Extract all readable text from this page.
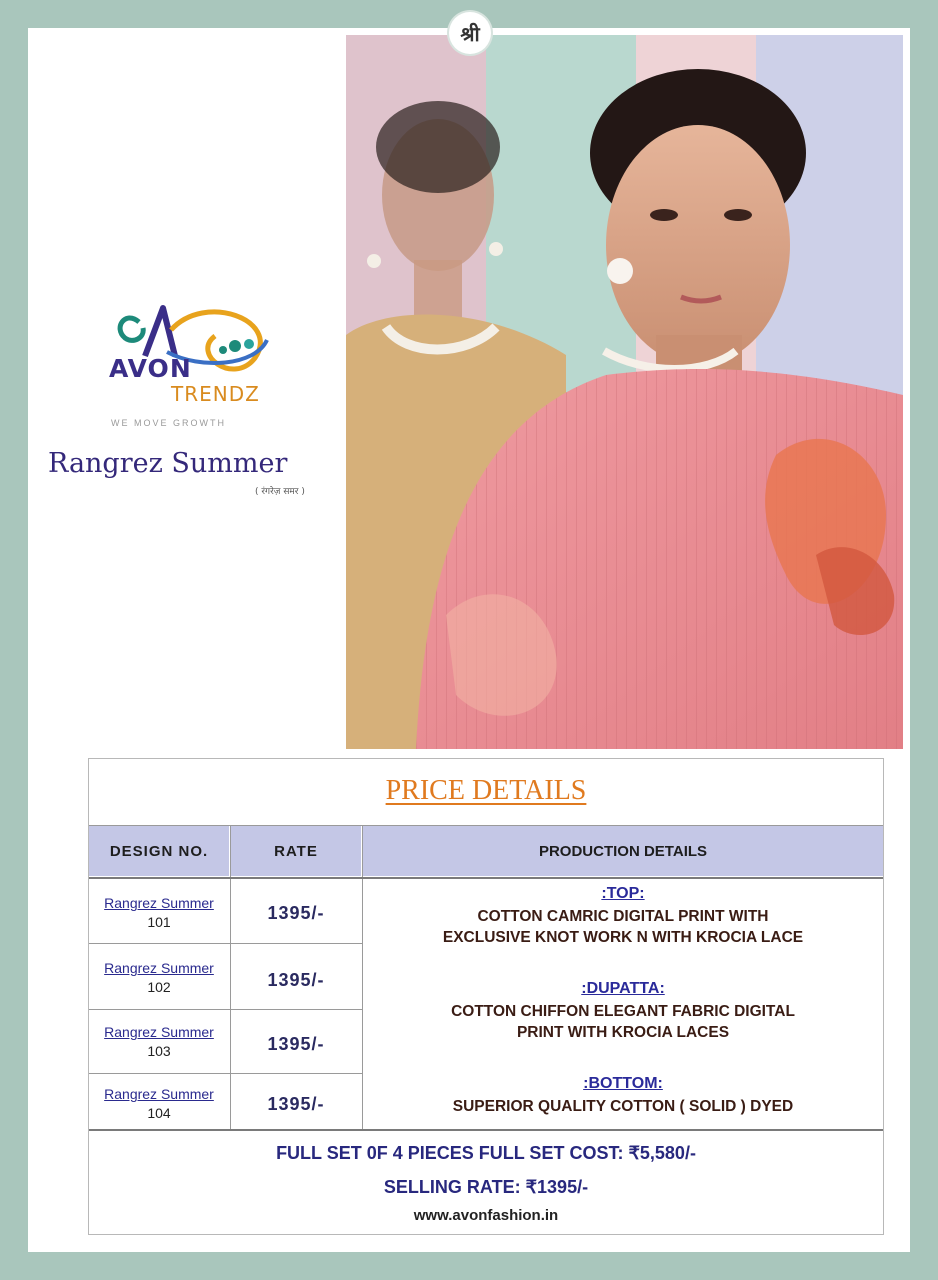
श्री
AVON
TRENDZ
WE MOVE GROWTH
Rangrez Summer
( रंगरेज़ समर )
PRICE DETAILS
DESIGN NO.	RATE	PRODUCTION DETAILS
Rangrez Summer
101	1395/-
Rangrez Summer
102	1395/-
Rangrez Summer
103	1395/-
Rangrez Summer
104	1395/-
:TOP:
COTTON CAMRIC DIGITAL PRINT WITH
EXCLUSIVE KNOT WORK N WITH KROCIA LACE
:DUPATTA:
COTTON CHIFFON ELEGANT FABRIC DIGITAL
PRINT WITH KROCIA LACES
:BOTTOM:
SUPERIOR QUALITY COTTON ( SOLID ) DYED
FULL SET 0F 4 PIECES FULL SET COST: ₹5,580/-
SELLING RATE: ₹1395/-
www.avonfashion.in
